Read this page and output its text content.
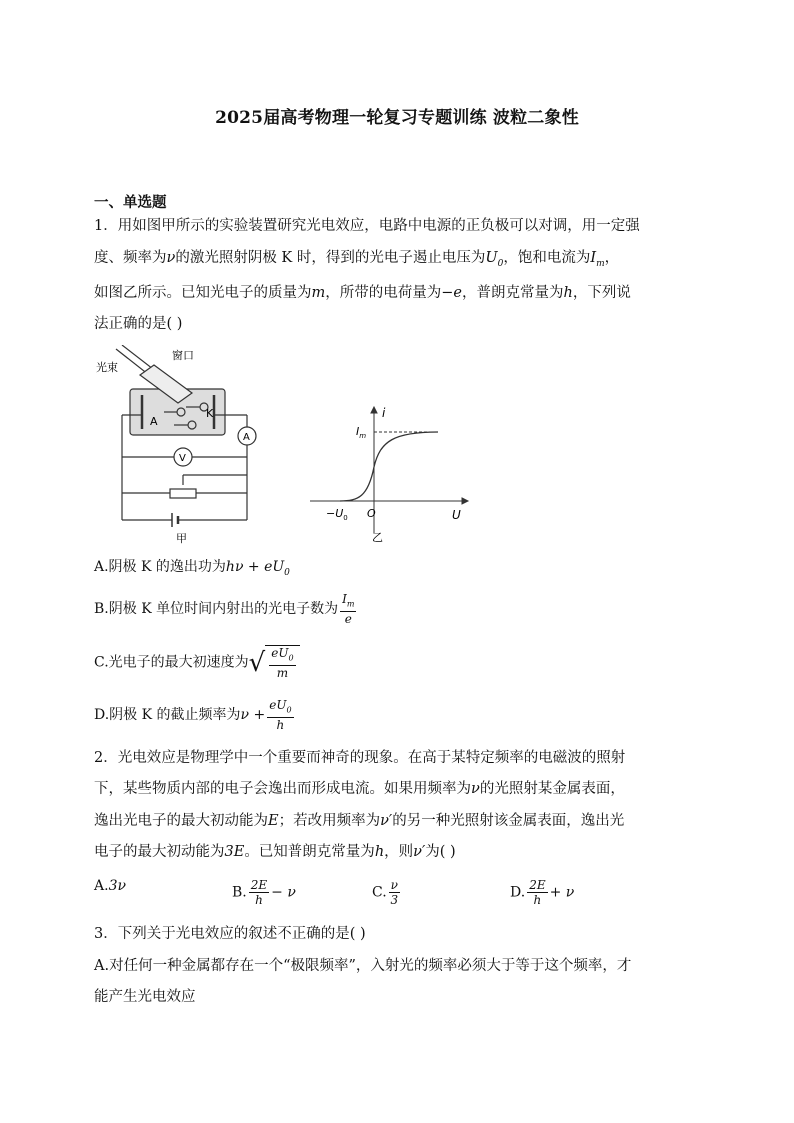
2025届高考物理一轮复习专题训练 波粒二象性
一、单选题
1．用如图甲所示的实验装置研究光电效应，电路中电源的正负极可以对调，用一定强
度、频率为ν的激光照射阴极 K 时，得到的光电子遏止电压为$U_0$，饱和电流为$I_m$，
如图乙所示。已知光电子的质量为m，所带的电荷量为−e，普朗克常量为h，下列说
法正确的是( )
光束
窗口
A
K
A
V
甲
i
$I_m$
$-U_0$ O	U
乙
A.阴极 K 的逸出功为$h\nu + eU_0$
B.阴极 K 单位时间内射出的光电子数为 $\frac{I_m}{e}$
C.光电子的最大初速度为 √ $\frac{eU_0}{m}$
D.阴极 K 的截止频率为$\nu + \frac{eU_0}{h}$
2．光电效应是物理学中一个重要而神奇的现象。在高于某特定频率的电磁波的照射
下，某些物质内部的电子会逸出而形成电流。如果用频率为ν的光照射某金属表面，
逸出光电子的最大初动能为E；若改用频率为ν′的另一种光照射该金属表面，逸出光
电子的最大初动能为3E。已知普朗克常量为h，则ν′为( )
A.3ν	B. $\frac{2E}{h} - \nu$	C. $\frac{\nu}{3}$	D. $\frac{2E}{h} + \nu$
3．下列关于光电效应的叙述不正确的是( )
A.对任何一种金属都存在一个“极限频率”，入射光的频率必须大于等于这个频率，才
能产生光电效应
